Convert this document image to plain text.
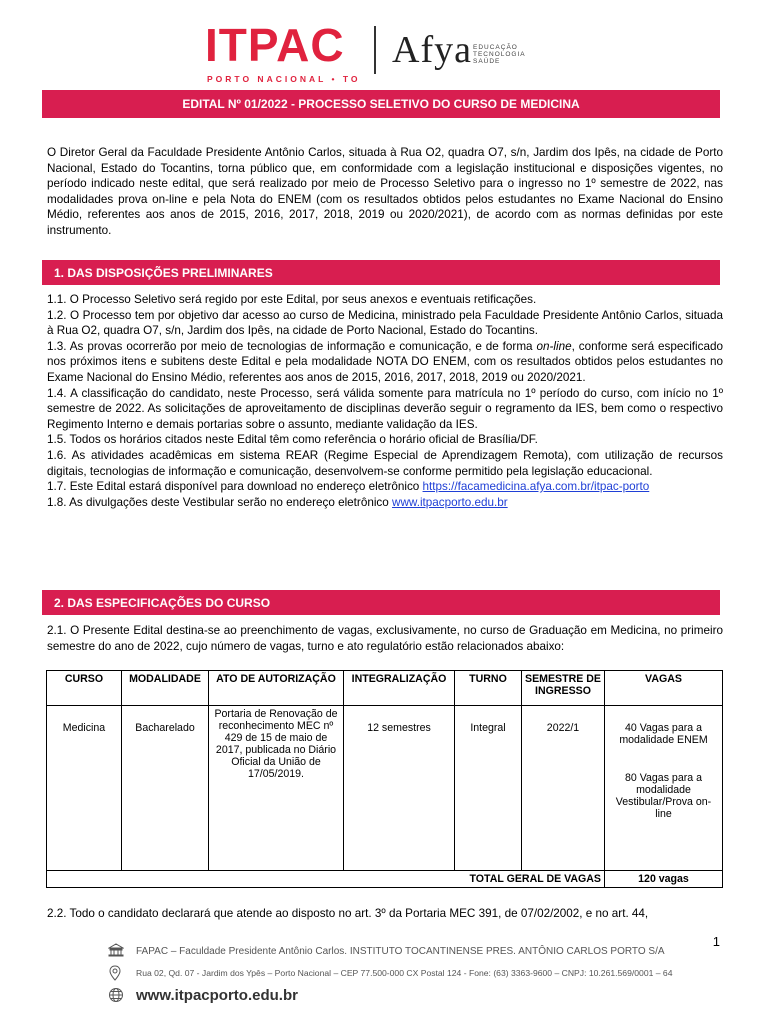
ITPAC
PORTO NACIONAL • TO
Afya EDUCAÇÃO TECNOLOGIA SAÚDE
EDITAL Nº 01/2022 - PROCESSO SELETIVO DO CURSO DE MEDICINA

O Diretor Geral da Faculdade Presidente Antônio Carlos, situada à Rua O2, quadra O7, s/n, Jardim dos Ipês, na cidade de Porto Nacional, Estado do Tocantins, torna público que, em conformidade com a legislação institucional e disposições vigentes, no período indicado neste edital, que será realizado por meio de Processo Seletivo para o ingresso no 1º semestre de 2022, nas modalidades prova on-line e pela Nota do ENEM (com os resultados obtidos pelos estudantes no Exame Nacional do Ensino Médio, referentes aos anos de 2015, 2016, 2017, 2018, 2019 ou 2020/2021), de acordo com as normas definidas por este instrumento.

1. DAS DISPOSIÇÕES PRELIMINARES

1.1. O Processo Seletivo será regido por este Edital, por seus anexos e eventuais retificações.

1.2. O Processo tem por objetivo dar acesso ao curso de Medicina, ministrado pela Faculdade Presidente Antônio Carlos, situada à Rua O2, quadra O7, s/n, Jardim dos Ipês, na cidade de Porto Nacional, Estado do Tocantins.

1.3. As provas ocorrerão por meio de tecnologias de informação e comunicação, e de forma on-line, conforme será especificado nos próximos itens e subitens deste Edital e pela modalidade NOTA DO ENEM, com os resultados obtidos pelos estudantes no Exame Nacional do Ensino Médio, referentes aos anos de 2015, 2016, 2017, 2018, 2019 ou 2020/2021.

1.4. A classificação do candidato, neste Processo, será válida somente para matrícula no 1º período do curso, com início no 1º semestre de 2022. As solicitações de aproveitamento de disciplinas deverão seguir o regramento da IES, bem como o respectivo Regimento Interno e demais portarias sobre o assunto, mediante validação da IES.

1.5. Todos os horários citados neste Edital têm como referência o horário oficial de Brasília/DF.

1.6. As atividades acadêmicas em sistema REAR (Regime Especial de Aprendizagem Remota), com utilização de recursos digitais, tecnologias de informação e comunicação, desenvolvem-se conforme permitido pela legislação educacional.

1.7. Este Edital estará disponível para download no endereço eletrônico https://facamedicina.afya.com.br/itpac-porto

1.8. As divulgações deste Vestibular serão no endereço eletrônico www.itpacporto.edu.br

2. DAS ESPECIFICAÇÕES DO CURSO

2.1. O Presente Edital destina-se ao preenchimento de vagas, exclusivamente, no curso de Graduação em Medicina, no primeiro semestre do ano de 2022, cujo número de vagas, turno e ato regulatório estão relacionados abaixo:

CURSO	MODALIDADE	ATO DE AUTORIZAÇÃO	INTEGRALIZAÇÃO	TURNO	SEMESTRE DE INGRESSO	VAGAS
Medicina	Bacharelado	Portaria de Renovação de reconhecimento MEC nº 429 de 15 de maio de 2017, publicada no Diário Oficial da União de 17/05/2019.	12 semestres	Integral	2022/1	40 Vagas para a modalidade ENEM
80 Vagas para a modalidade Vestibular/Prova on-line

TOTAL GERAL DE VAGAS						120 vagas

2.2. Todo o candidato declarará que atende ao disposto no art. 3º da Portaria MEC 391, de 07/02/2002, e no art. 44,

1
FAPAC – Faculdade Presidente Antônio Carlos. INSTITUTO TOCANTINENSE PRES. ANTÔNIO CARLOS PORTO S/A
Rua 02, Qd. 07 - Jardim dos Ypês – Porto Nacional – CEP 77.500-000 CX Postal 124 - Fone: (63) 3363-9600 – CNPJ: 10.261.569/0001 – 64
www.itpacporto.edu.br
